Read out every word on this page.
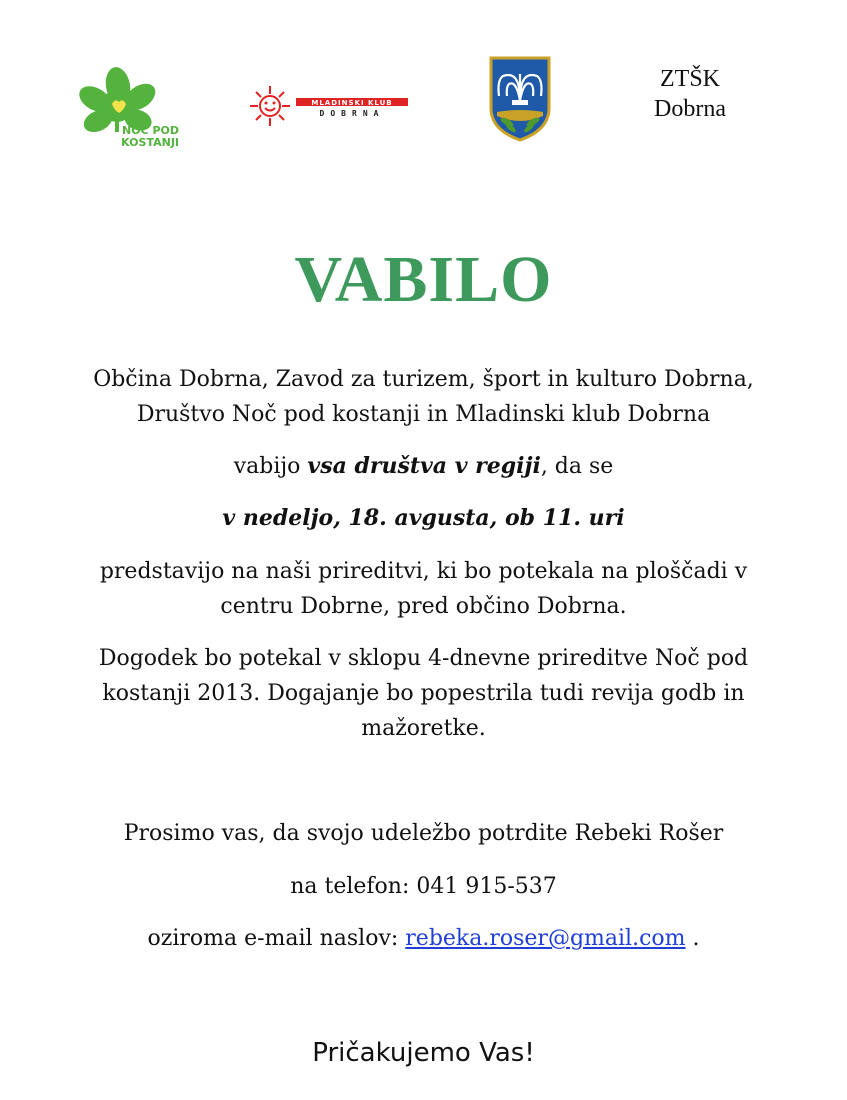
NOČ POD
KOSTANJI
MLADINSKI KLUB
DOBRNA
ZTŠK
Dobrna
VABILO

Občina Dobrna, Zavod za turizem, šport in kulturo Dobrna,
Društvo Noč pod kostanji in Mladinski klub Dobrna

vabijo vsa društva v regiji, da se

v nedeljo, 18. avgusta, ob 11. uri

predstavijo na naši prireditvi, ki bo potekala na ploščadi v
centru Dobrne, pred občino Dobrna.

Dogodek bo potekal v sklopu 4-dnevne prireditve Noč pod
kostanji 2013. Dogajanje bo popestrila tudi revija godb in
mažoretke.

Prosimo vas, da svojo udeležbo potrdite Rebeki Rošer

na telefon: 041 915-537

oziroma e-mail naslov: rebeka.roser@gmail.com .

Pričakujemo Vas!
